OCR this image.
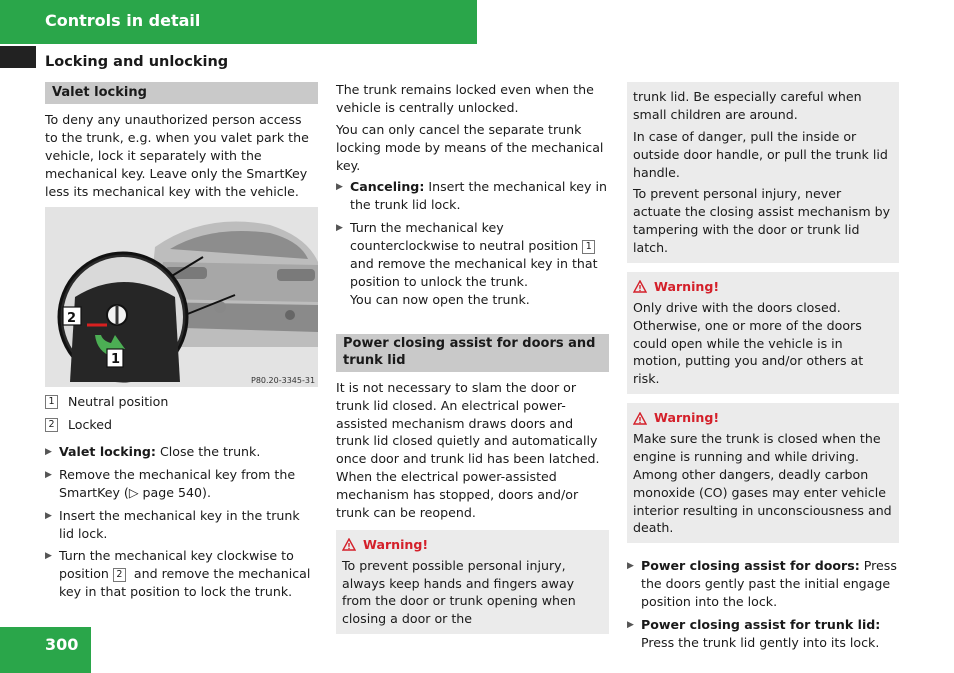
Controls in detail
Locking and unlocking
Valet locking

To deny any unauthorized person access to the trunk, e.g. when you valet park the vehicle, lock it separately with the mechanical key. Leave only the SmartKey less its mechanical key with the vehicle.

1
2
P80.20-3345-31
1 Neutral position
2 Locked
▶ Valet locking: Close the trunk.
▶ Remove the mechanical key from the SmartKey (▷ page 540).
▶ Insert the mechanical key in the trunk lid lock.
▶ Turn the mechanical key clockwise to position 2 and remove the mechanical key in that position to lock the trunk.

The trunk remains locked even when the vehicle is centrally unlocked.

You can only cancel the separate trunk locking mode by means of the mechanical key.

▶ Canceling: Insert the mechanical key in the trunk lid lock.
▶ Turn the mechanical key counterclockwise to neutral position 1 and remove the mechanical key in that position to unlock the trunk.
You can now open the trunk.
Power closing assist for doors and trunk lid

It is not necessary to slam the door or trunk lid closed. An electrical power-assisted mechanism draws doors and trunk lid closed quietly and automatically once door and trunk lid has been latched. When the electrical power-assisted mechanism has stopped, doors and/or trunk can be reopend.

Warning!
To prevent possible personal injury, always keep hands and fingers away from the door or trunk opening when closing a door or the

trunk lid. Be especially careful when small children are around.

In case of danger, pull the inside or outside door handle, or pull the trunk lid handle.

To prevent personal injury, never actuate the closing assist mechanism by tampering with the door or trunk lid latch.

Warning!
Only drive with the doors closed. Otherwise, one or more of the doors could open while the vehicle is in motion, putting you and/or others at risk.
Warning!
Make sure the trunk is closed when the engine is running and while driving. Among other dangers, deadly carbon monoxide (CO) gases may enter vehicle interior resulting in unconsciousness and death.
▶ Power closing assist for doors: Press the doors gently past the initial engage position into the lock.
▶ Power closing assist for trunk lid: Press the trunk lid gently into its lock.
300
